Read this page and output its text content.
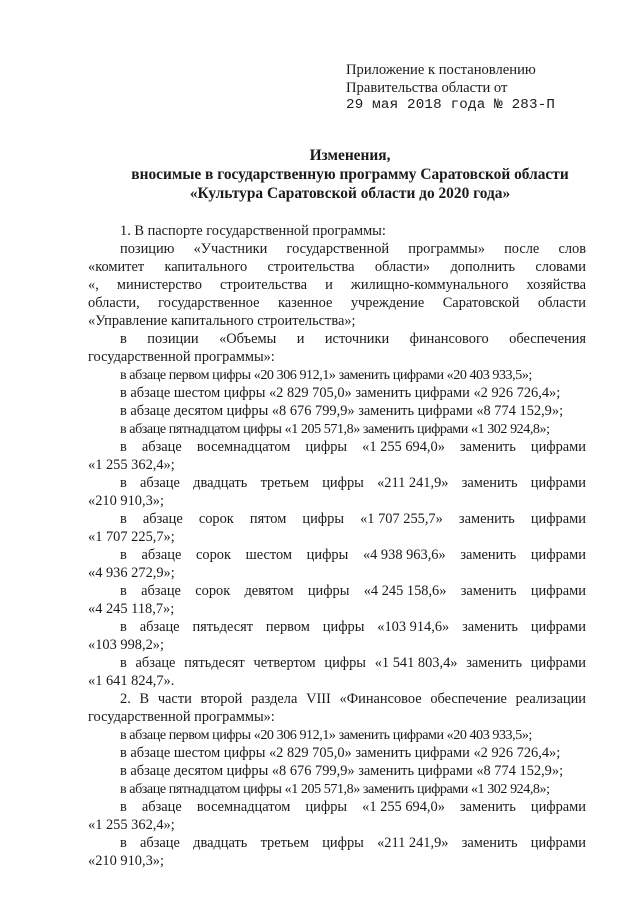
Приложение к постановлению
Правительства области от
29 мая 2018 года № 283-П
Изменения,
вносимые в государственную программу Саратовской области
«Культура Саратовской области до 2020 года»
1. В паспорте государственной программы:
позицию «Участники государственной программы» после слов
«комитет капитального строительства области» дополнить словами
«, министерство строительства и жилищно-коммунального хозяйства
области, государственное казенное учреждение Саратовской области
«Управление капитального строительства»;
в позиции «Объемы и источники финансового обеспечения
государственной программы»:
в абзаце первом цифры «20 306 912,1» заменить цифрами «20 403 933,5»;
в абзаце шестом цифры «2 829 705,0» заменить цифрами «2 926 726,4»;
в абзаце десятом цифры «8 676 799,9» заменить цифрами «8 774 152,9»;
в абзаце пятнадцатом цифры «1 205 571,8» заменить цифрами «1 302 924,8»;
в абзаце восемнадцатом цифры «1 255 694,0» заменить цифрами
«1 255 362,4»;
в абзаце двадцать третьем цифры «211 241,9» заменить цифрами
«210 910,3»;
в абзаце сорок пятом цифры «1 707 255,7» заменить цифрами
«1 707 225,7»;
в абзаце сорок шестом цифры «4 938 963,6» заменить цифрами
«4 936 272,9»;
в абзаце сорок девятом цифры «4 245 158,6» заменить цифрами
«4 245 118,7»;
в абзаце пятьдесят первом цифры «103 914,6» заменить цифрами
«103 998,2»;
в абзаце пятьдесят четвертом цифры «1 541 803,4» заменить цифрами
«1 641 824,7».
2. В части второй раздела VIII «Финансовое обеспечение реализации
государственной программы»:
в абзаце первом цифры «20 306 912,1» заменить цифрами «20 403 933,5»;
в абзаце шестом цифры «2 829 705,0» заменить цифрами «2 926 726,4»;
в абзаце десятом цифры «8 676 799,9» заменить цифрами «8 774 152,9»;
в абзаце пятнадцатом цифры «1 205 571,8» заменить цифрами «1 302 924,8»;
в абзаце восемнадцатом цифры «1 255 694,0» заменить цифрами
«1 255 362,4»;
в абзаце двадцать третьем цифры «211 241,9» заменить цифрами
«210 910,3»;
